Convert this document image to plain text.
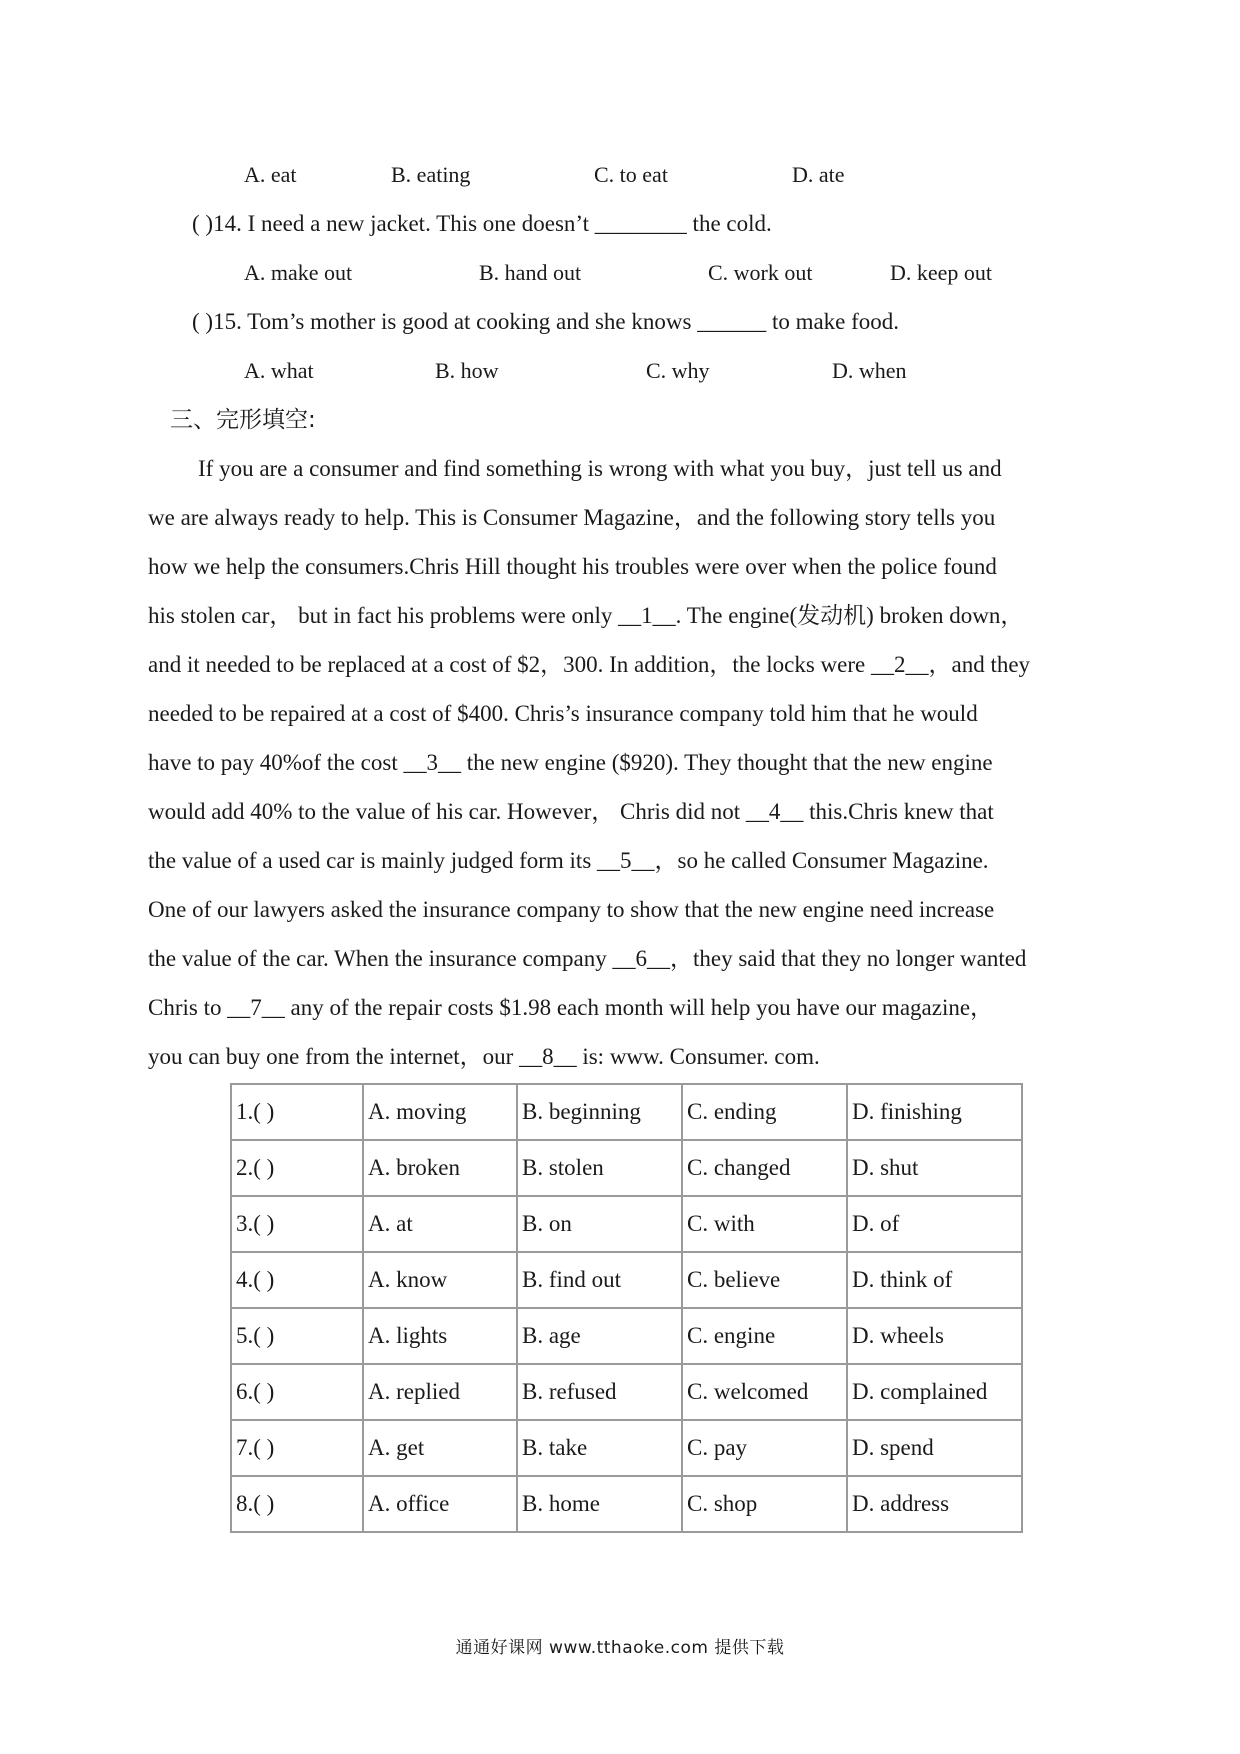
A. eat	B. eating	C. to eat	D. ate
( )14. I need a new jacket. This one doesn’t ________ the cold.
A. make out	B. hand out	C. work out	D. keep out
( )15. Tom’s mother is good at cooking and she knows ______ to make food.
A. what	B. how	C. why	D. when
三、完形填空:
If you are a consumer and find something is wrong with what you buy，just tell us and
we are always ready to help. This is Consumer Magazine，and the following story tells you
how we help the consumers.Chris Hill thought his troubles were over when the police found
his stolen car， but in fact his problems were only __1__. The engine(发动机) broken down，
and it needed to be replaced at a cost of $2，300. In addition，the locks were __2__，and they
needed to be repaired at a cost of $400. Chris’s insurance company told him that he would
have to pay 40%of the cost __3__ the new engine ($920). They thought that the new engine
would add 40% to the value of his car. However， Chris did not __4__ this.Chris knew that
the value of a used car is mainly judged form its __5__，so he called Consumer Magazine.
One of our lawyers asked the insurance company to show that the new engine need increase
the value of the car. When the insurance company __6__，they said that they no longer wanted
Chris to __7__ any of the repair costs $1.98 each month will help you have our magazine，
you can buy one from the internet，our __8__ is: www. Consumer. com.
1.( )	A. moving	B. beginning	C. ending	D. finishing
2.( )	A. broken	B. stolen	C. changed	D. shut
3.( )	A. at	B. on	C. with	D. of
4.( )	A. know	B. find out	C. believe	D. think of
5.( )	A. lights	B. age	C. engine	D. wheels
6.( )	A. replied	B. refused	C. welcomed	D. complained
7.( )	A. get	B. take	C. pay	D. spend
8.( )	A. office	B. home	C. shop	D. address
通通好课网 www.tthaoke.com 提供下载
